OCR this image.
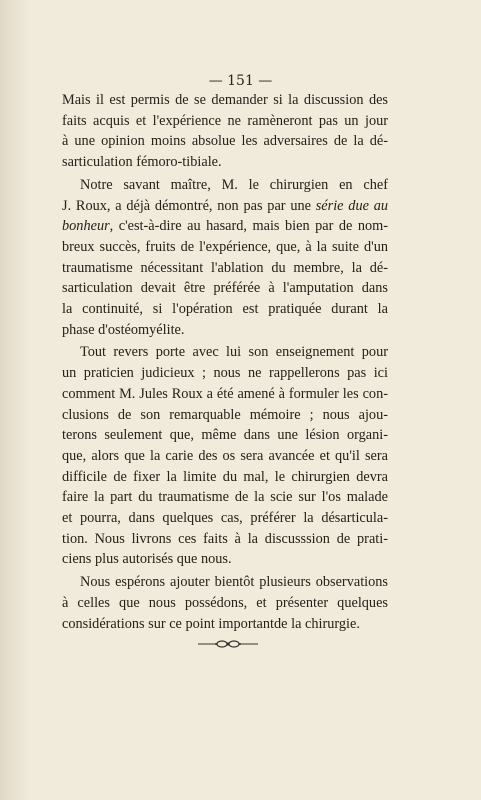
— 151 —

Mais il est permis de se demander si la discussion des
faits acquis et l'expérience ne ramèneront pas un jour
à une opinion moins absolue les adversaires de la dé-
sarticulation fémoro-tibiale.

Notre savant maître, M. le chirurgien en chef
J. Roux, a déjà démontré, non pas par une série due au
bonheur, c'est-à-dire au hasard, mais bien par de nom-
breux succès, fruits de l'expérience, que, à la suite d'un
traumatisme nécessitant l'ablation du membre, la dé-
sarticulation devait être préférée à l'amputation dans
la continuité, si l'opération est pratiquée durant la
phase d'ostéomyélite.

Tout revers porte avec lui son enseignement pour
un praticien judicieux ; nous ne rappellerons pas ici
comment M. Jules Roux a été amené à formuler les con-
clusions de son remarquable mémoire ; nous ajou-
terons seulement que, même dans une lésion organi-
que, alors que la carie des os sera avancée et qu'il sera
difficile de fixer la limite du mal, le chirurgien devra
faire la part du traumatisme de la scie sur l'os malade
et pourra, dans quelques cas, préférer la désarticula-
tion. Nous livrons ces faits à la discusssion de prati-
ciens plus autorisés que nous.

Nous espérons ajouter bientôt plusieurs observations
à celles que nous possédons, et présenter quelques
considérations sur ce point importantde la chirurgie.
